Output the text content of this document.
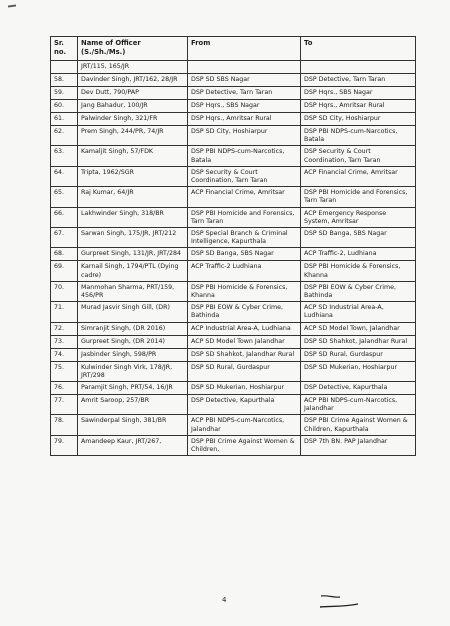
Sr. no.	Name of Officer (S./Sh./Ms.)	From	To
	JRT/115, 165/JR		
58.	Davinder Singh, JRT/162, 28/JR	DSP SD SBS Nagar	DSP Detective, Tarn Taran
59.	Dev Dutt, 790/PAP	DSP Detective, Tarn Taran	DSP Hqrs., SBS Nagar
60.	Jang Bahadur, 100/JR	DSP Hqrs., SBS Nagar	DSP Hqrs., Amritsar Rural
61.	Palwinder Singh, 321/FR	DSP Hqrs., Amritsar Rural	DSP SD City, Hoshiarpur
62.	Prem Singh, 244/PR, 74/JR	DSP SD City, Hoshiarpur	DSP PBI NDPS-cum-Narcotics, Batala
63.	Kamaljit Singh, 57/FDK	DSP PBI NDPS-cum-Narcotics, Batala	DSP Security & Court Coordination, Tarn Taran
64.	Tripta, 1962/SGR	DSP Security & Court Coordination, Tarn Taran	ACP Financial Crime, Amritsar
65.	Raj Kumar, 64/JR	ACP Financial Crime, Amritsar	DSP PBI Homicide and Forensics, Tarn Taran
66.	Lakhwinder Singh, 318/BR	DSP PBI Homicide and Forensics, Tarn Taran	ACP Emergency Response System, Amritsar
67.	Sarwan Singh, 175/JR, JRT/212	DSP Special Branch & Criminal Intelligence, Kapurthala	DSP SD Banga, SBS Nagar
68.	Gurpreet Singh, 131/JR, JRT/284	DSP SD Banga, SBS Nagar	ACP Traffic-2, Ludhiana
69.	Karnail Singh, 1794/PTL (Dying cadre)	ACP Traffic-2 Ludhiana	DSP PBI Homicide & Forensics, Khanna
70.	Manmohan Sharma, PRT/159, 456/PR	DSP PBI Homicide & Forensics, Khanna	DSP PBI EOW & Cyber Crime, Bathinda
71.	Murad Jasvir Singh Gill, (DR)	DSP PBI EOW & Cyber Crime, Bathinda	ACP SD Industrial Area-A, Ludhiana
72.	Simranjit Singh, (DR 2016)	ACP Industrial Area-A, Ludhiana	ACP SD Model Town, Jalandhar
73.	Gurpreet Singh, (DR 2014)	ACP SD Model Town Jalandhar	DSP SD Shahkot, Jalandhar Rural
74.	Jasbinder Singh, 598/PR	DSP SD Shahkot, Jalandhar Rural	DSP SD Rural, Gurdaspur
75.	Kulwinder Singh Virk, 178/JR, JRT/298	DSP SD Rural, Gurdaspur	DSP SD Mukerian, Hoshiarpur
76.	Paramjit Singh, PRT/54, 16/JR	DSP SD Mukerian, Hoshiarpur	DSP Detective, Kapurthala
77.	Amrit Saroop, 257/BR	DSP Detective, Kapurthala	ACP PBI NDPS-cum-Narcotics, Jalandhar
78.	Sawinderpal Singh, 381/BR	ACP PBI NDPS-cum-Narcotics, Jalandhar	DSP PBI Crime Against Women & Children, Kapurthala
79.	Amandeep Kaur, JRT/267,	DSP PBI Crime Against Women & Children,	DSP 7th BN. PAP Jalandhar
4
